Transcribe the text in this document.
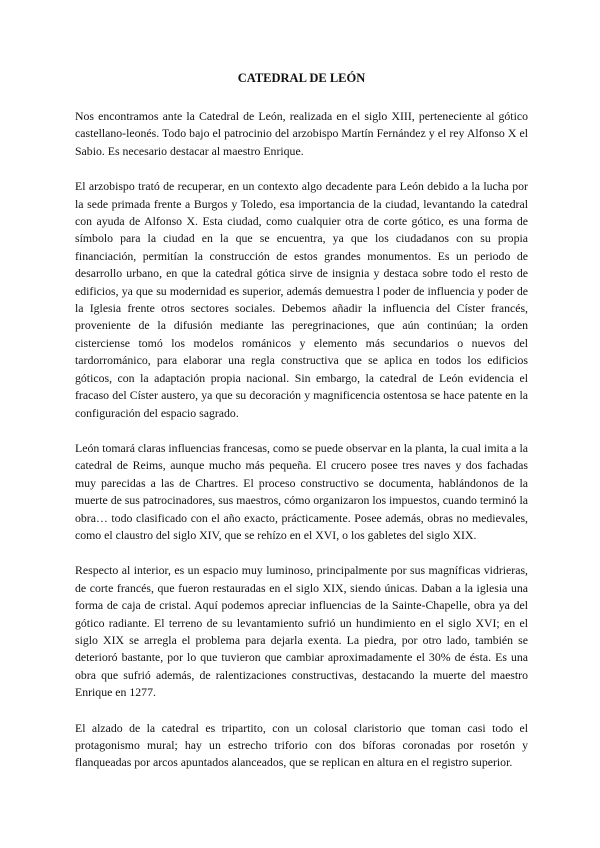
CATEDRAL DE LEÓN

Nos encontramos ante la Catedral de León, realizada en el siglo XIII, perteneciente al gótico castellano-leonés. Todo bajo el patrocinio del arzobispo Martín Fernández y el rey Alfonso X el Sabio. Es necesario destacar al maestro Enrique.

El arzobispo trató de recuperar, en un contexto algo decadente para León debido a la lucha por la sede primada frente a Burgos y Toledo, esa importancia de la ciudad, levantando la catedral con ayuda de Alfonso X. Esta ciudad, como cualquier otra de corte gótico, es una forma de símbolo para la ciudad en la que se encuentra, ya que los ciudadanos con su propia financiación, permitían la construcción de estos grandes monumentos. Es un periodo de desarrollo urbano, en que la catedral gótica sirve de insignia y destaca sobre todo el resto de edificios, ya que su modernidad es superior, además demuestra l poder de influencia y poder de la Iglesia frente otros sectores sociales. Debemos añadir la influencia del Císter francés, proveniente de la difusión mediante las peregrinaciones, que aún continúan; la orden cisterciense tomó los modelos románicos y elemento más secundarios o nuevos del tardorrománico, para elaborar una regla constructiva que se aplica en todos los edificios góticos, con la adaptación propia nacional. Sin embargo, la catedral de León evidencia el fracaso del Císter austero, ya que su decoración y magnificencia ostentosa se hace patente en la configuración del espacio sagrado.

León tomará claras influencias francesas, como se puede observar en la planta, la cual imita a la catedral de Reims, aunque mucho más pequeña. El crucero posee tres naves y dos fachadas muy parecidas a las de Chartres. El proceso constructivo se documenta, hablándonos de la muerte de sus patrocinadores, sus maestros, cómo organizaron los impuestos, cuando terminó la obra… todo clasificado con el año exacto, prácticamente. Posee además, obras no medievales, como el claustro del siglo XIV, que se rehízo en el XVI, o los gabletes del siglo XIX.

Respecto al interior, es un espacio muy luminoso, principalmente por sus magníficas vidrieras, de corte francés, que fueron restauradas en el siglo XIX, siendo únicas. Daban a la iglesia una forma de caja de cristal. Aquí podemos apreciar influencias de la Sainte-Chapelle, obra ya del gótico radiante. El terreno de su levantamiento sufrió un hundimiento en el siglo XVI; en el siglo XIX se arregla el problema para dejarla exenta. La piedra, por otro lado, también se deterioró bastante, por lo que tuvieron que cambiar aproximadamente el 30% de ésta. Es una obra que sufrió además, de ralentizaciones constructivas, destacando la muerte del maestro Enrique en 1277.

El alzado de la catedral es tripartito, con un colosal claristorio que toman casi todo el protagonismo mural; hay un estrecho triforio con dos bíforas coronadas por rosetón y flanqueadas por arcos apuntados alanceados, que se replican en altura en el registro superior.
